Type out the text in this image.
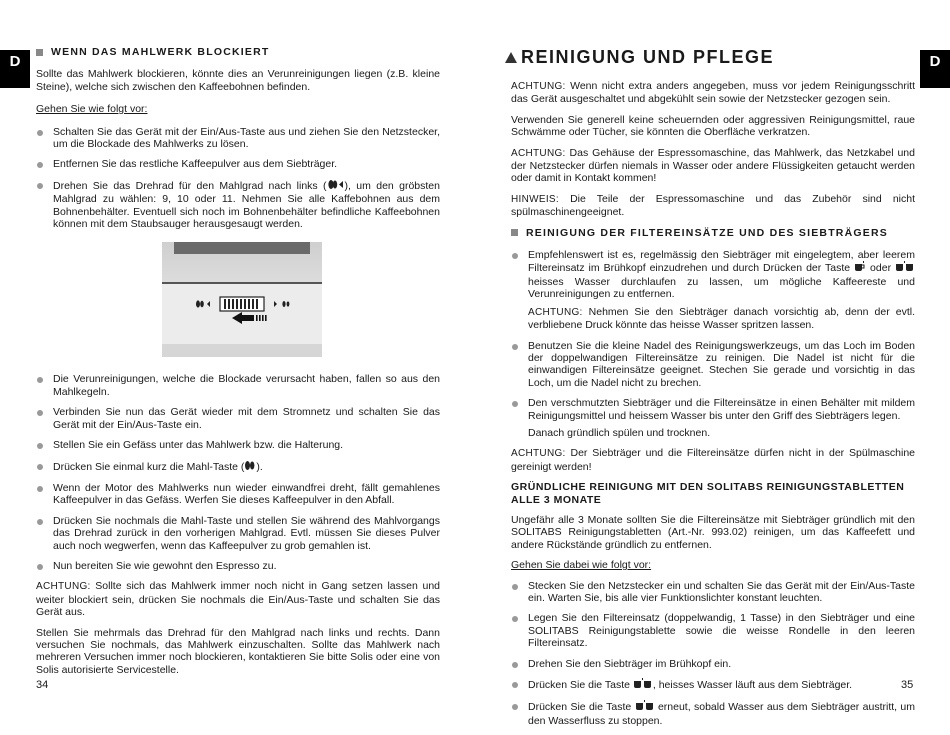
D
WENN DAS MAHLWERK BLOCKIERT

Sollte das Mahlwerk blockieren, könnte dies an Verunreinigungen liegen (z.B. kleine Steine), welche sich zwischen den Kaffeebohnen befinden.

Gehen Sie wie folgt vor:

Schalten Sie das Gerät mit der Ein/Aus-Taste aus und ziehen Sie den Netzstecker, um die Blockade des Mahlwerks zu lösen.
Entfernen Sie das restliche Kaffeepulver aus dem Siebträger.
Drehen Sie das Drehrad für den Mahlgrad nach links ( ), um den gröbsten Mahlgrad zu wählen: 9, 10 oder 11. Nehmen Sie alle Kaffebohnen aus dem Bohnenbehälter. Eventuell sich noch im Bohnenbehälter befindliche Kaffeebohnen können mit dem Staubsauger herausgesaugt werden.
Die Verunreinigungen, welche die Blockade verursacht haben, fallen so aus den Mahlkegeln.
Verbinden Sie nun das Gerät wieder mit dem Stromnetz und schalten Sie das Gerät mit der Ein/Aus-Taste ein.
Stellen Sie ein Gefäss unter das Mahlwerk bzw. die Halterung.
Drücken Sie einmal kurz die Mahl-Taste ( ).
Wenn der Motor des Mahlwerks nun wieder einwandfrei dreht, fällt gemahlenes Kaffeepulver in das Gefäss. Werfen Sie dieses Kaffeepulver in den Abfall.
Drücken Sie nochmals die Mahl-Taste und stellen Sie während des Mahlvorgangs das Drehrad zurück in den vorherigen Mahlgrad. Evtl. müssen Sie dieses Pulver auch noch wegwerfen, wenn das Kaffeepulver zu grob gemahlen ist.
Nun bereiten Sie wie gewohnt den Espresso zu.

ACHTUNG: Sollte sich das Mahlwerk immer noch nicht in Gang setzen lassen und weiter blockiert sein, drücken Sie nochmals die Ein/Aus-Taste und schalten Sie das Gerät aus.

Stellen Sie mehrmals das Drehrad für den Mahlgrad nach links und rechts. Dann versuchen Sie nochmals, das Mahlwerk einzuschalten. Sollte das Mahlwerk nach mehreren Versuchen immer noch blockieren, kontaktieren Sie bitte Solis oder eine von Solis autorisierte Servicestelle.

34
D
REINIGUNG UND PFLEGE

ACHTUNG: Wenn nicht extra anders angegeben, muss vor jedem Reinigungsschritt das Gerät ausgeschaltet und abgekühlt sein sowie der Netzstecker gezogen sein.

Verwenden Sie generell keine scheuernden oder aggressiven Reinigungsmittel, raue Schwämme oder Tücher, sie könnten die Oberfläche verkratzen.

ACHTUNG: Das Gehäuse der Espressomaschine, das Mahlwerk, das Netzkabel und der Netzstecker dürfen niemals in Wasser oder andere Flüssigkeiten getaucht werden oder damit in Kontakt kommen!

HINWEIS: Die Teile der Espressomaschine und das Zubehör sind nicht spülmaschinengeeignet.

REINIGUNG DER FILTEREINSÄTZE UND DES SIEBTRÄGERS
Empfehlenswert ist es, regelmässig den Siebträger mit eingelegtem, aber leerem Filtereinsatz im Brühkopf einzudrehen und durch Drücken der Taste oder  heisses Wasser durchlaufen zu lassen, um mögliche Kaffeereste und Verunreinigungen zu entfernen.

ACHTUNG: Nehmen Sie den Siebträger danach vorsichtig ab, denn der evtl. verbliebene Druck könnte das heisse Wasser spritzen lassen.

Benutzen Sie die kleine Nadel des Reinigungswerkzeugs, um das Loch im Boden der doppelwandigen Filtereinsätze zu reinigen. Die Nadel ist nicht für die einwandigen Filtereinsätze geeignet. Stechen Sie gerade und vorsichtig in das Loch, um die Nadel nicht zu brechen.
Den verschmutzten Siebträger und die Filtereinsätze in einen Behälter mit mildem Reinigungsmittel und heissem Wasser bis unter den Griff des Siebträgers legen.

Danach gründlich spülen und trocknen.

ACHTUNG: Der Siebträger und die Filtereinsätze dürfen nicht in der Spülmaschine gereinigt werden!

GRÜNDLICHE REINIGUNG MIT DEN SOLITABS REINIGUNGSTABLETTEN ALLE 3 MONATE

Ungefähr alle 3 Monate sollten Sie die Filtereinsätze mit Siebträger gründlich mit den SOLITABS Reinigungstabletten (Art.-Nr. 993.02) reinigen, um das Kaffeefett und andere Rückstände gründlich zu entfernen.

Gehen Sie dabei wie folgt vor:

Stecken Sie den Netzstecker ein und schalten Sie das Gerät mit der Ein/Aus-Taste ein. Warten Sie, bis alle vier Funktionslichter konstant leuchten.
Legen Sie den Filtereinsatz (doppelwandig, 1 Tasse) in den Siebträger und eine SOLITABS Reinigungstablette sowie die weisse Rondelle in den leeren Filtereinsatz.
Drehen Sie den Siebträger im Brühkopf ein.
Drücken Sie die Taste , heisses Wasser läuft aus dem Siebträger.
Drücken Sie die Taste	erneut, sobald Wasser aus dem Siebträger austritt, um den Wasserfluss zu stoppen.
35
